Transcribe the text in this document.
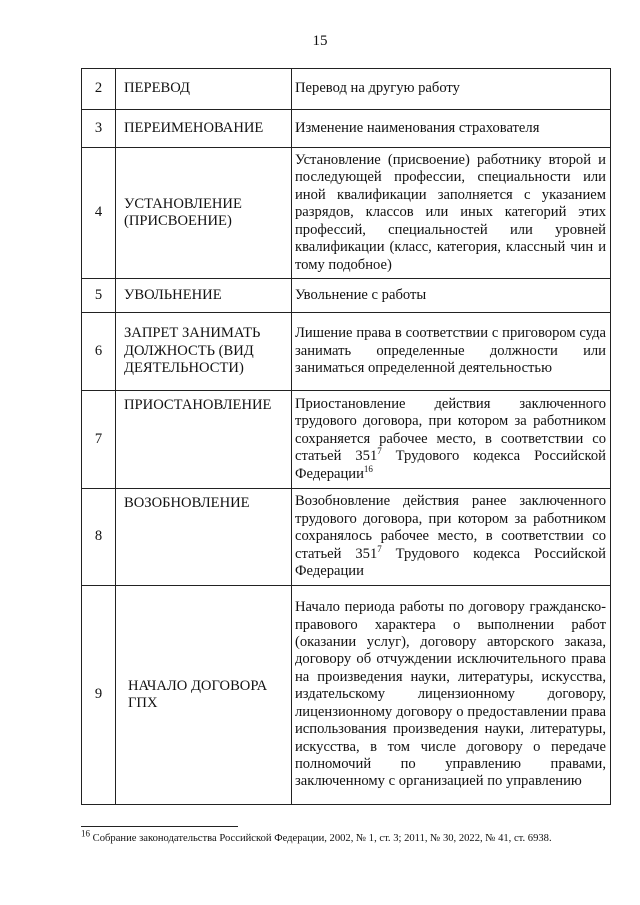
15
2	ПЕРЕВОД	Перевод на другую работу

3	ПЕРЕИМЕНОВАНИЕ	Изменение наименования страхователя

4	УСТАНОВЛЕНИЕ (ПРИСВОЕНИЕ)	Установление (присвоение) работнику второй и последующей профессии, специальности или иной квалификации заполняется с указанием разрядов, классов или иных категорий этих профессий, специальностей или уровней квалификации (класс, категория, классный чин и тому подобное)

5	УВОЛЬНЕНИЕ	Увольнение с работы

6	ЗАПРЕТ ЗАНИМАТЬ ДОЛЖНОСТЬ (ВИД ДЕЯТЕЛЬНОСТИ)	Лишение права в соответствии с приговором суда занимать определенные должности или заниматься определенной деятельностью

7	ПРИОСТАНОВЛЕНИЕ	Приостановление действия заключенного трудового договора, при котором за работником сохраняется рабочее место, в соответствии со статьей $351^7$ Трудового кодекса Российской Федерации$^{16}$

8	ВОЗОБНОВЛЕНИЕ	Возобновление действия ранее заключенного трудового договора, при котором за работником сохранялось рабочее место, в соответствии со статьей $351^7$ Трудового кодекса Российской Федерации

9	НАЧАЛО ДОГОВОРА ГПХ	Начало периода работы по договору гражданско-правового характера о выполнении работ (оказании услуг), договору авторского заказа, договору об отчуждении исключительного права на произведения науки, литературы, искусства, издательскому лицензионному договору, лицензионному договору о предоставлении права использования произведения науки, литературы, искусства, в том числе договору о передаче полномочий по управлению правами, заключенному с организацией по управлению
$^{16}$ Собрание законодательства Российской Федерации, 2002, № 1, ст. 3; 2011, № 30, 2022, № 41, ст. 6938.
